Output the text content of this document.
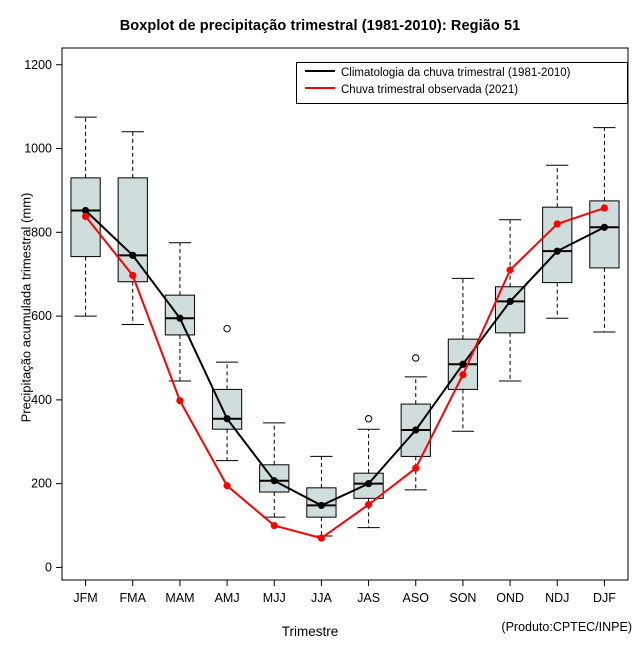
Boxplot de precipitação trimestral (1981-2010): Região 51
0
200
400
600
800
1000
1200
JFM FMA MAM AMJ MJJ JJA JAS ASO SON OND NDJ DJF
Precipitação acumulada trimestral (mm)
Trimestre	(Produto:CPTEC/INPE)
Climatologia da chuva trimestral (1981-2010)
Chuva trimestral observada (2021)
